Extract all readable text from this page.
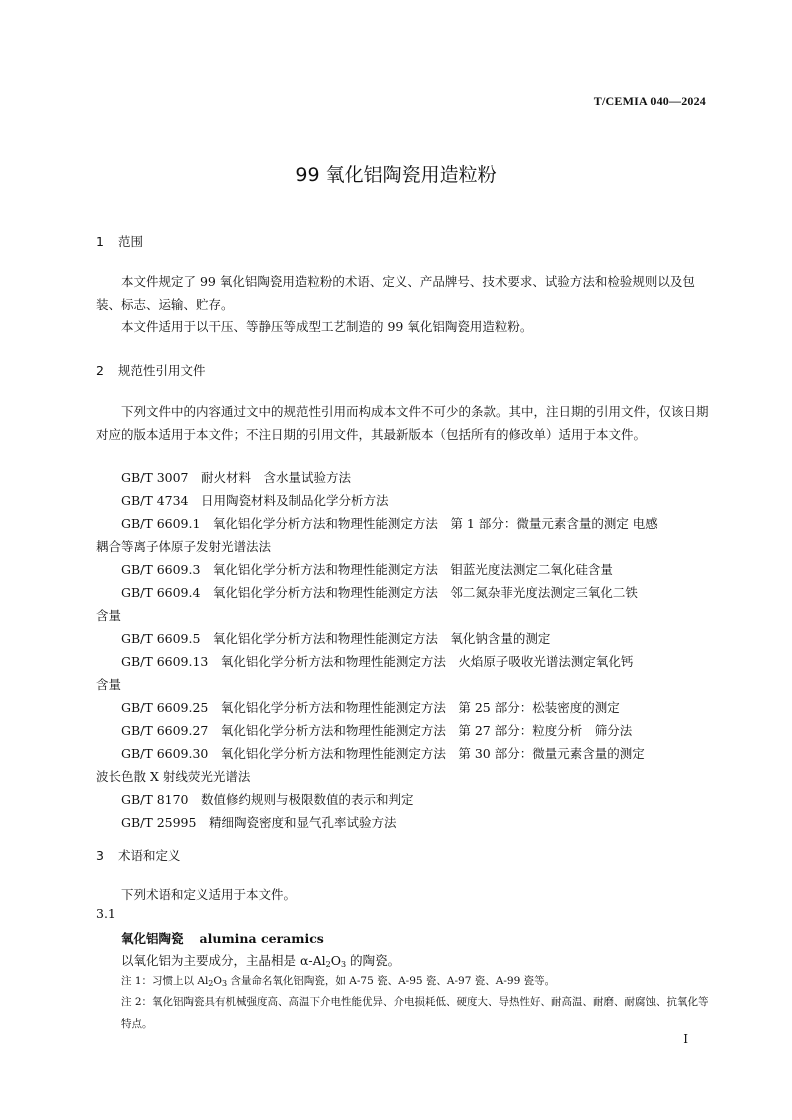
T/CEMIA 040—2024
99 氧化铝陶瓷用造粒粉
1 范围
本文件规定了 99 氧化铝陶瓷用造粒粉的术语、定义、产品牌号、技术要求、试验方法和检验规则以及包装、标志、运输、贮存。
本文件适用于以干压、等静压等成型工艺制造的 99 氧化铝陶瓷用造粒粉。
2 规范性引用文件
下列文件中的内容通过文中的规范性引用而构成本文件不可少的条款。其中，注日期的引用文件，仅该日期对应的版本适用于本文件；不注日期的引用文件，其最新版本（包括所有的修改单）适用于本文件。
GB/T 3007　耐火材料　含水量试验方法
GB/T 4734　日用陶瓷材料及制品化学分析方法
GB/T 6609.1　氧化铝化学分析方法和物理性能测定方法　第 1 部分：微量元素含量的测定 电感
耦合等离子体原子发射光谱法法
GB/T 6609.3　氧化铝化学分析方法和物理性能测定方法　钼蓝光度法测定二氧化硅含量
GB/T 6609.4　氧化铝化学分析方法和物理性能测定方法　邻二氮杂菲光度法测定三氧化二铁
含量
GB/T 6609.5　氧化铝化学分析方法和物理性能测定方法　氧化钠含量的测定
GB/T 6609.13　氧化铝化学分析方法和物理性能测定方法　火焰原子吸收光谱法测定氧化钙
含量
GB/T 6609.25　氧化铝化学分析方法和物理性能测定方法　第 25 部分：松装密度的测定
GB/T 6609.27　氧化铝化学分析方法和物理性能测定方法　第 27 部分：粒度分析　筛分法
GB/T 6609.30　氧化铝化学分析方法和物理性能测定方法　第 30 部分：微量元素含量的测定
波长色散 X 射线荧光光谱法
GB/T 8170　数值修约规则与极限数值的表示和判定
GB/T 25995　精细陶瓷密度和显气孔率试验方法
3 术语和定义
下列术语和定义适用于本文件。
3.1
氧化铝陶瓷 alumina ceramics
以氧化铝为主要成分，主晶相是 $\alpha-Al_2O_3$ 的陶瓷。
注 1：习惯上以 $Al_2O_3$ 含量命名氧化铝陶瓷，如 A-75 瓷、A-95 瓷、A-97 瓷、A-99 瓷等。
注 2：氧化铝陶瓷具有机械强度高、高温下介电性能优异、介电损耗低、硬度大、导热性好、耐高温、耐磨、耐腐蚀、抗氧化等特点。
I
